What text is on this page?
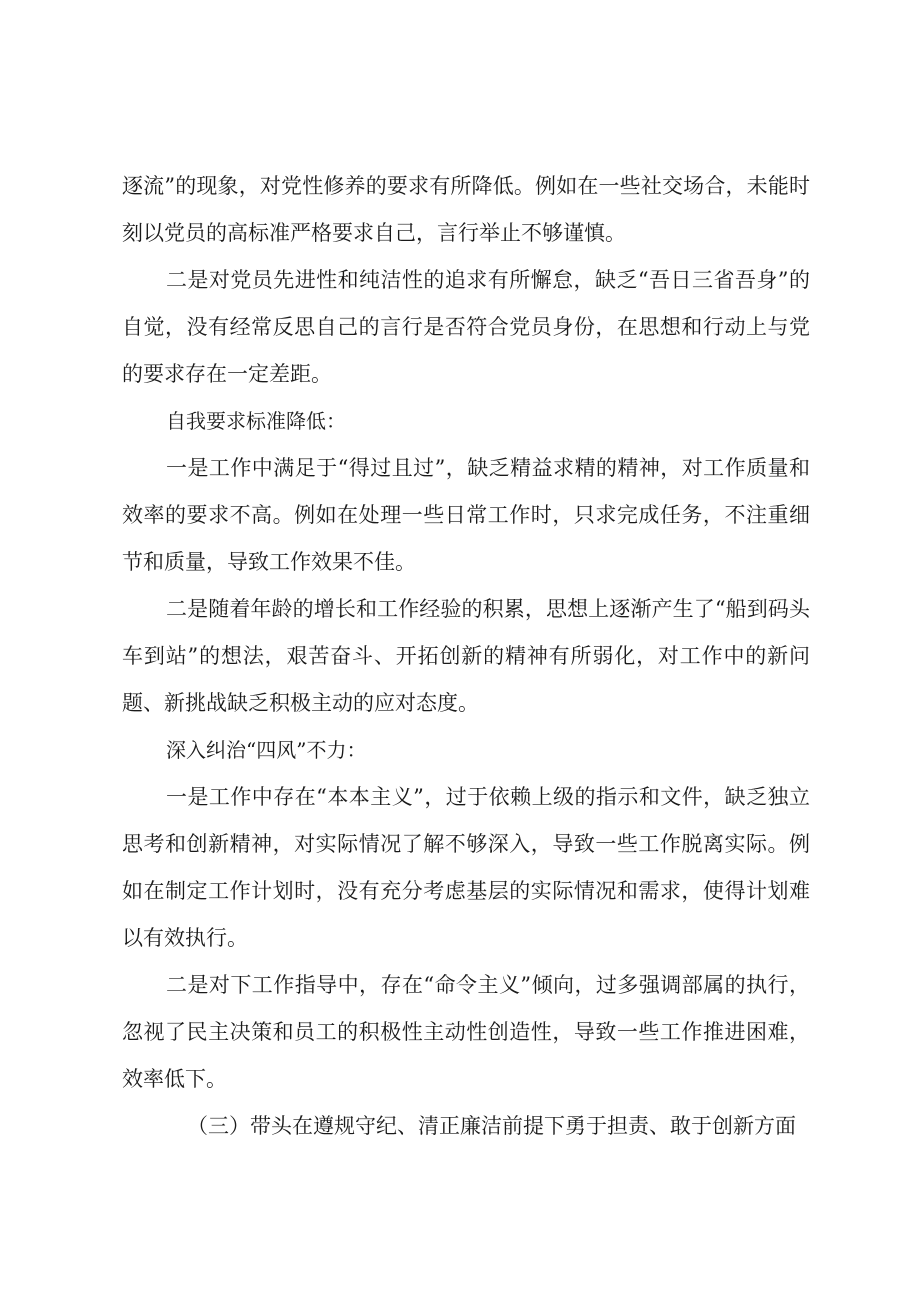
逐流”的现象，对党性修养的要求有所降低。例如在一些社交场合，未能时刻以党员的高标准严格要求自己，言行举止不够谨慎。

二是对党员先进性和纯洁性的追求有所懈怠，缺乏“吾日三省吾身”的自觉，没有经常反思自己的言行是否符合党员身份，在思想和行动上与党的要求存在一定差距。

自我要求标准降低：

一是工作中满足于“得过且过”，缺乏精益求精的精神，对工作质量和效率的要求不高。例如在处理一些日常工作时，只求完成任务，不注重细节和质量，导致工作效果不佳。

二是随着年龄的增长和工作经验的积累，思想上逐渐产生了“船到码头车到站”的想法，艰苦奋斗、开拓创新的精神有所弱化，对工作中的新问题、新挑战缺乏积极主动的应对态度。

深入纠治“四风”不力：

一是工作中存在“本本主义”，过于依赖上级的指示和文件，缺乏独立思考和创新精神，对实际情况了解不够深入，导致一些工作脱离实际。例如在制定工作计划时，没有充分考虑基层的实际情况和需求，使得计划难以有效执行。

二是对下工作指导中，存在“命令主义”倾向，过多强调部属的执行，忽视了民主决策和员工的积极性主动性创造性，导致一些工作推进困难，效率低下。

（三）带头在遵规守纪、清正廉洁前提下勇于担责、敢于创新方面
